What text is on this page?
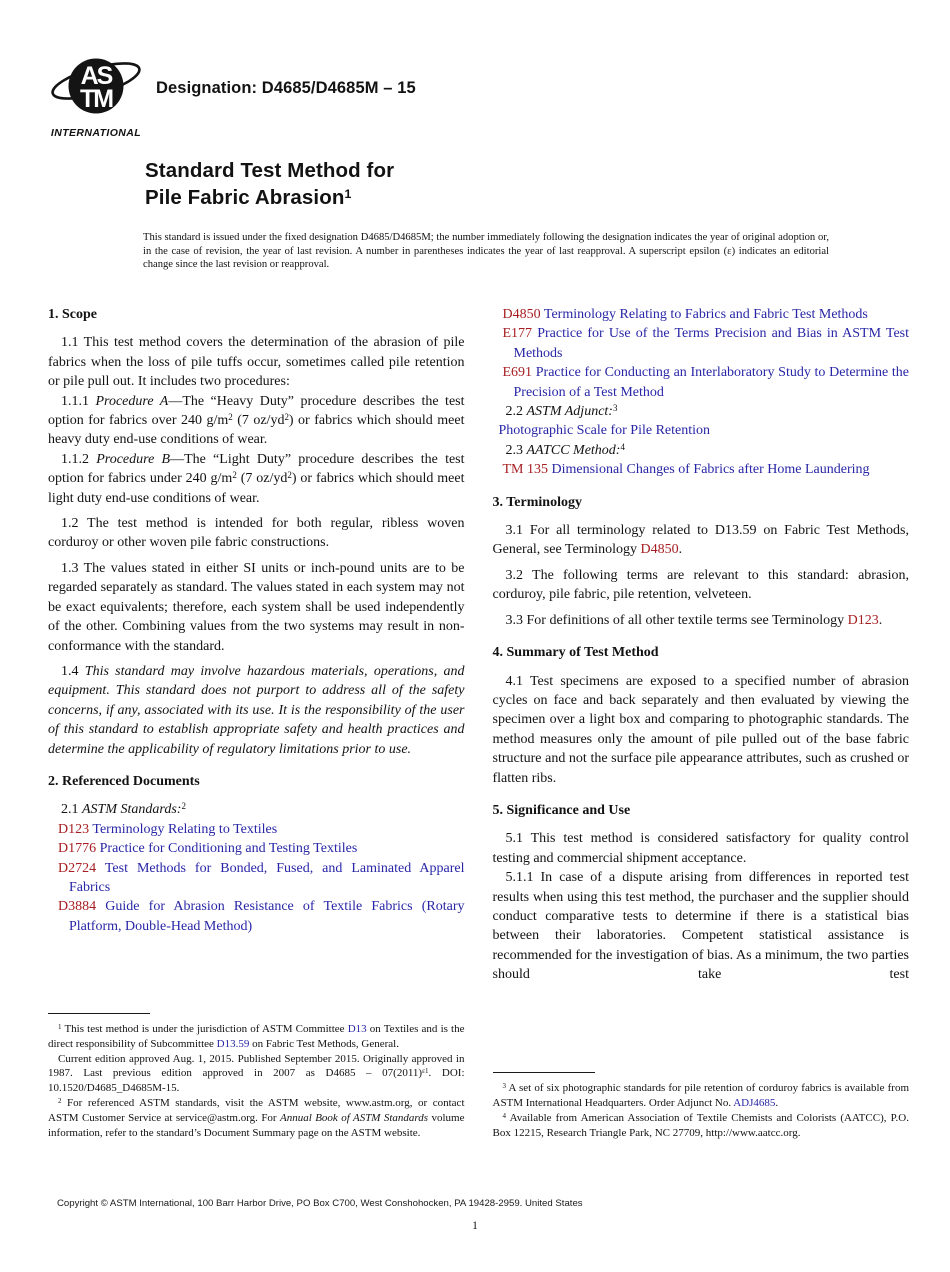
AS
TM
INTERNATIONAL
Designation: D4685/D4685M – 15
Standard Test Method for
Pile Fabric Abrasion$^1$
This standard is issued under the fixed designation D4685/D4685M; the number immediately following the designation indicates the year of original adoption or, in the case of revision, the year of last revision. A number in parentheses indicates the year of last reapproval. A superscript epsilon (ε) indicates an editorial change since the last revision or reapproval.
1. Scope
1.1 This test method covers the determination of the abrasion of pile fabrics when the loss of pile tuffs occur, sometimes called pile retention or pile pull out. It includes two procedures:
1.1.1 Procedure A—The “Heavy Duty” procedure describes the test option for fabrics over 240 $g/m^2$ (7 $oz/yd^2$) or fabrics which should meet heavy duty end-use conditions of wear.
1.1.2 Procedure B—The “Light Duty” procedure describes the test option for fabrics under 240 $g/m^2$ (7 $oz/yd^2$) or fabrics which should meet light duty end-use conditions of wear.
1.2 The test method is intended for both regular, ribless woven corduroy or other woven pile fabric constructions.
1.3 The values stated in either SI units or inch-pound units are to be regarded separately as standard. The values stated in each system may not be exact equivalents; therefore, each system shall be used independently of the other. Combining values from the two systems may result in non-conformance with the standard.
1.4 This standard may involve hazardous materials, operations, and equipment. This standard does not purport to address all of the safety concerns, if any, associated with its use. It is the responsibility of the user of this standard to establish appropriate safety and health practices and determine the applicability of regulatory limitations prior to use.
2. Referenced Documents
2.1 ASTM Standards:$^2$
D123 Terminology Relating to Textiles
D1776 Practice for Conditioning and Testing Textiles
D2724 Test Methods for Bonded, Fused, and Laminated Apparel Fabrics
D3884 Guide for Abrasion Resistance of Textile Fabrics (Rotary Platform, Double-Head Method)
$^1$ This test method is under the jurisdiction of ASTM Committee D13 on Textiles and is the direct responsibility of Subcommittee D13.59 on Fabric Test Methods, General.
Current edition approved Aug. 1, 2015. Published September 2015. Originally approved in 1987. Last previous edition approved in 2007 as $D4685 - 07(2011)^{\varepsilon 1}$. DOI: 10.1520/D4685_D4685M-15.
$^2$ For referenced ASTM standards, visit the ASTM website, www.astm.org, or contact ASTM Customer Service at service@astm.org. For Annual Book of ASTM Standards volume information, refer to the standard’s Document Summary page on the ASTM website.
D4850 Terminology Relating to Fabrics and Fabric Test Methods
E177 Practice for Use of the Terms Precision and Bias in ASTM Test Methods
E691 Practice for Conducting an Interlaboratory Study to Determine the Precision of a Test Method
2.2 ASTM Adjunct:$^3$
Photographic Scale for Pile Retention
2.3 AATCC Method:$^4$
TM 135 Dimensional Changes of Fabrics after Home Laundering
3. Terminology
3.1 For all terminology related to D13.59 on Fabric Test Methods, General, see Terminology D4850.
3.2 The following terms are relevant to this standard: abrasion, corduroy, pile fabric, pile retention, velveteen.
3.3 For definitions of all other textile terms see Terminology D123.
4. Summary of Test Method
4.1 Test specimens are exposed to a specified number of abrasion cycles on face and back separately and then evaluated by viewing the specimen over a light box and comparing to photographic standards. The method measures only the amount of pile pulled out of the base fabric structure and not the surface pile appearance attributes, such as crushed or flatten ribs.
5. Significance and Use
5.1 This test method is considered satisfactory for quality control testing and commercial shipment acceptance.
5.1.1 In case of a dispute arising from differences in reported test results when using this test method, the purchaser and the supplier should conduct comparative tests to determine if there is a statistical bias between their laboratories. Competent statistical assistance is recommended for the investigation of bias. As a minimum, the two parties should take test
$^3$ A set of six photographic standards for pile retention of corduroy fabrics is available from ASTM International Headquarters. Order Adjunct No. ADJ4685.
$^4$ Available from American Association of Textile Chemists and Colorists (AATCC), P.O. Box 12215, Research Triangle Park, NC 27709, http://www.aatcc.org.
Copyright © ASTM International, 100 Barr Harbor Drive, PO Box C700, West Conshohocken, PA 19428-2959. United States
1
